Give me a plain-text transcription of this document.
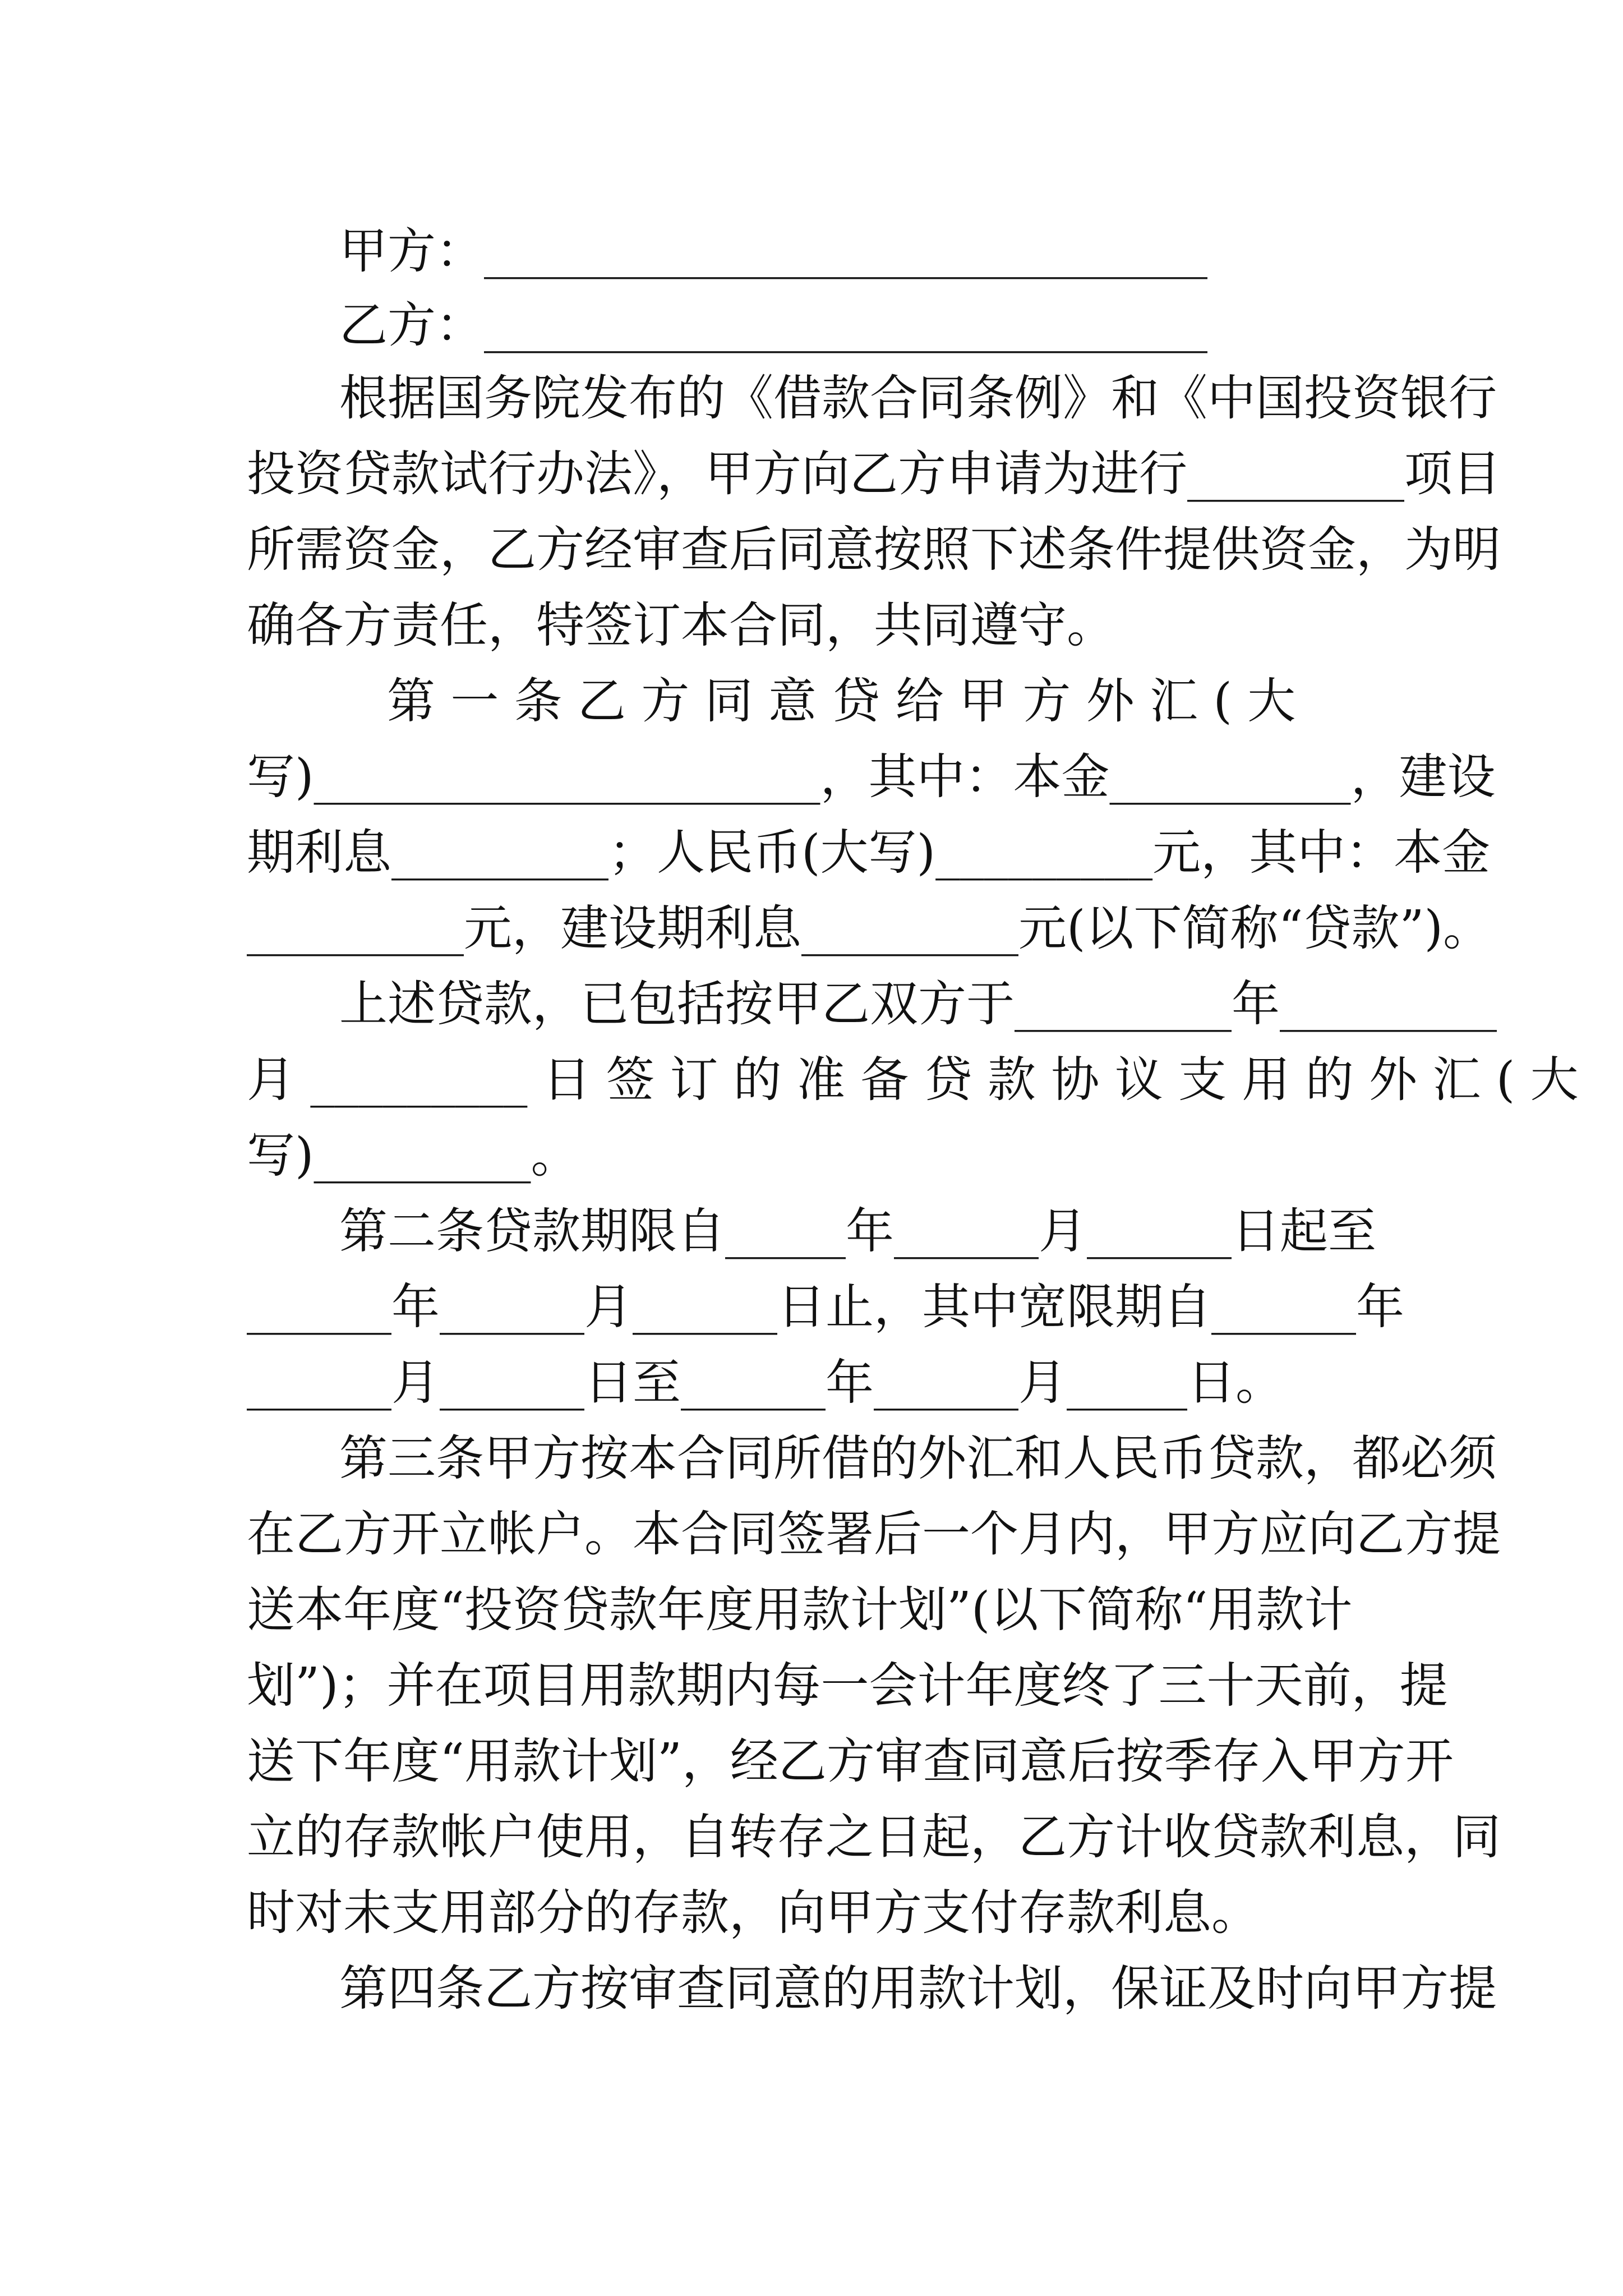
甲方：______________________________
乙方：______________________________
根据国务院发布的《借款合同条例》和《中国投资银行
投资贷款试行办法》，甲方向乙方申请为进行_________项目
所需资金，乙方经审查后同意按照下述条件提供资金，为明
确各方责任，特签订本合同，共同遵守。
第 一 条 乙 方 同 意 贷 给 甲 方 外 汇 ( 大
写)_____________________，其中：本金__________，建设
期利息_________；人民币(大写)_________元，其中：本金
_________元，建设期利息_________元(以下简称“贷款”)。
上述贷款，已包括按甲乙双方于_________年_________
月 _________ 日 签 订 的 准 备 贷 款 协 议 支 用 的 外 汇 ( 大
写)_________。
第二条贷款期限自_____年______月______日起至
______年______月______日止，其中宽限期自______年
______月______日至______年______月_____日。
第三条甲方按本合同所借的外汇和人民币贷款，都必须
在乙方开立帐户。本合同签署后一个月内，甲方应向乙方提
送本年度“投资贷款年度用款计划”(以下简称“用款计
划”)；并在项目用款期内每一会计年度终了三十天前，提
送下年度“用款计划”，经乙方审查同意后按季存入甲方开
立的存款帐户使用，自转存之日起，乙方计收贷款利息，同
时对未支用部分的存款，向甲方支付存款利息。
第四条乙方按审查同意的用款计划，保证及时向甲方提
